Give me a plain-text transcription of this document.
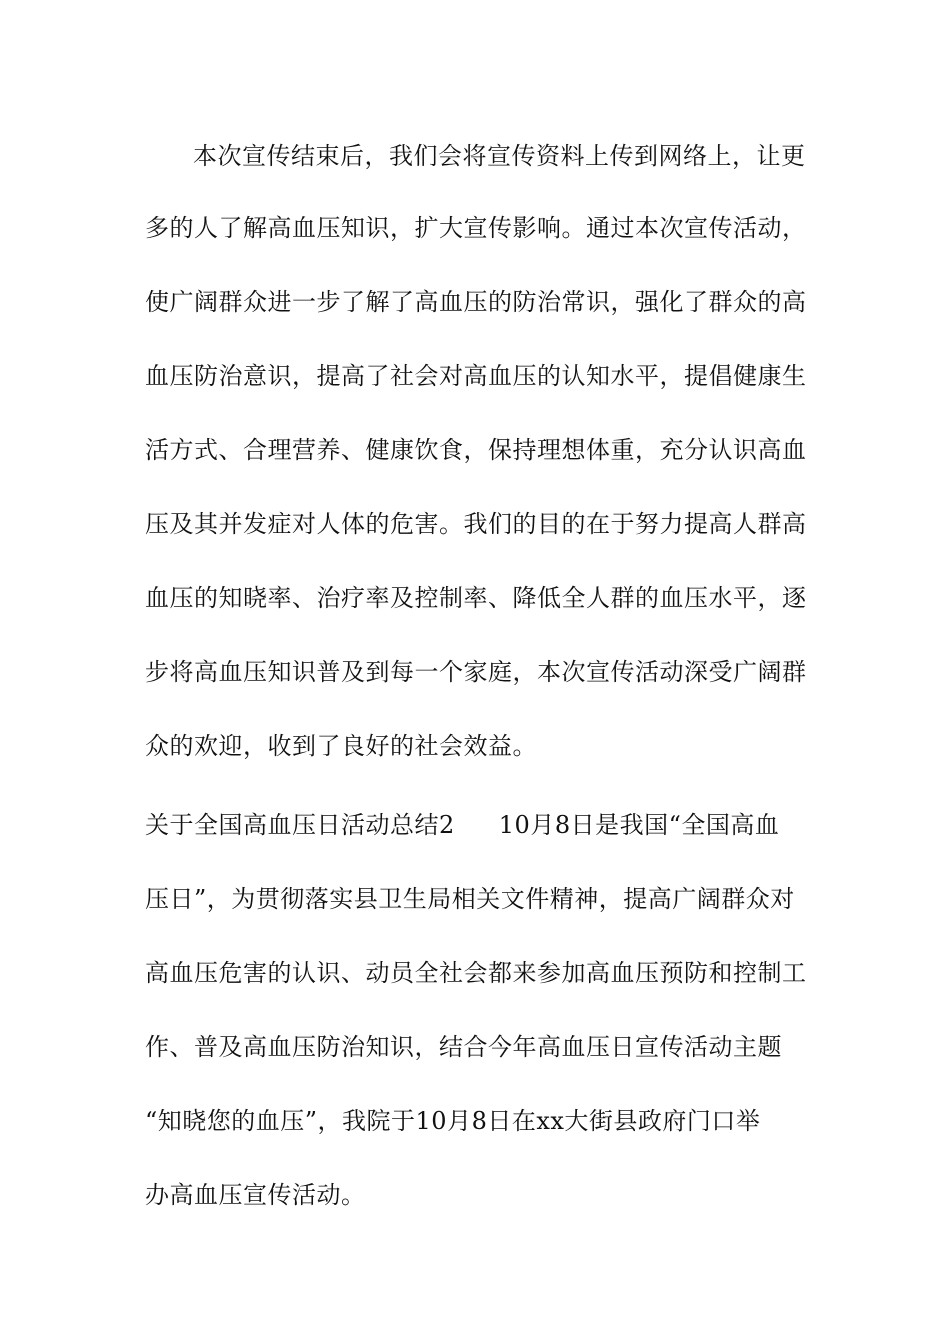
本次宣传结束后，我们会将宣传资料上传到网络上，让更
多的人了解高血压知识，扩大宣传影响。通过本次宣传活动，
使广阔群众进一步了解了高血压的防治常识，强化了群众的高
血压防治意识，提高了社会对高血压的认知水平，提倡健康生
活方式、合理营养、健康饮食，保持理想体重，充分认识高血
压及其并发症对人体的危害。我们的目的在于努力提高人群高
血压的知晓率、治疗率及控制率、降低全人群的血压水平，逐
步将高血压知识普及到每一个家庭，本次宣传活动深受广阔群
众的欢迎，收到了良好的社会效益。
关于全国高血压日活动总结2 10月8日是我国“全国高血
压日”，为贯彻落实县卫生局相关文件精神，提高广阔群众对
高血压危害的认识、动员全社会都来参加高血压预防和控制工
作、普及高血压防治知识，结合今年高血压日宣传活动主题
“知晓您的血压”，我院于10月8日在xx大街县政府门口举
办高血压宣传活动。
